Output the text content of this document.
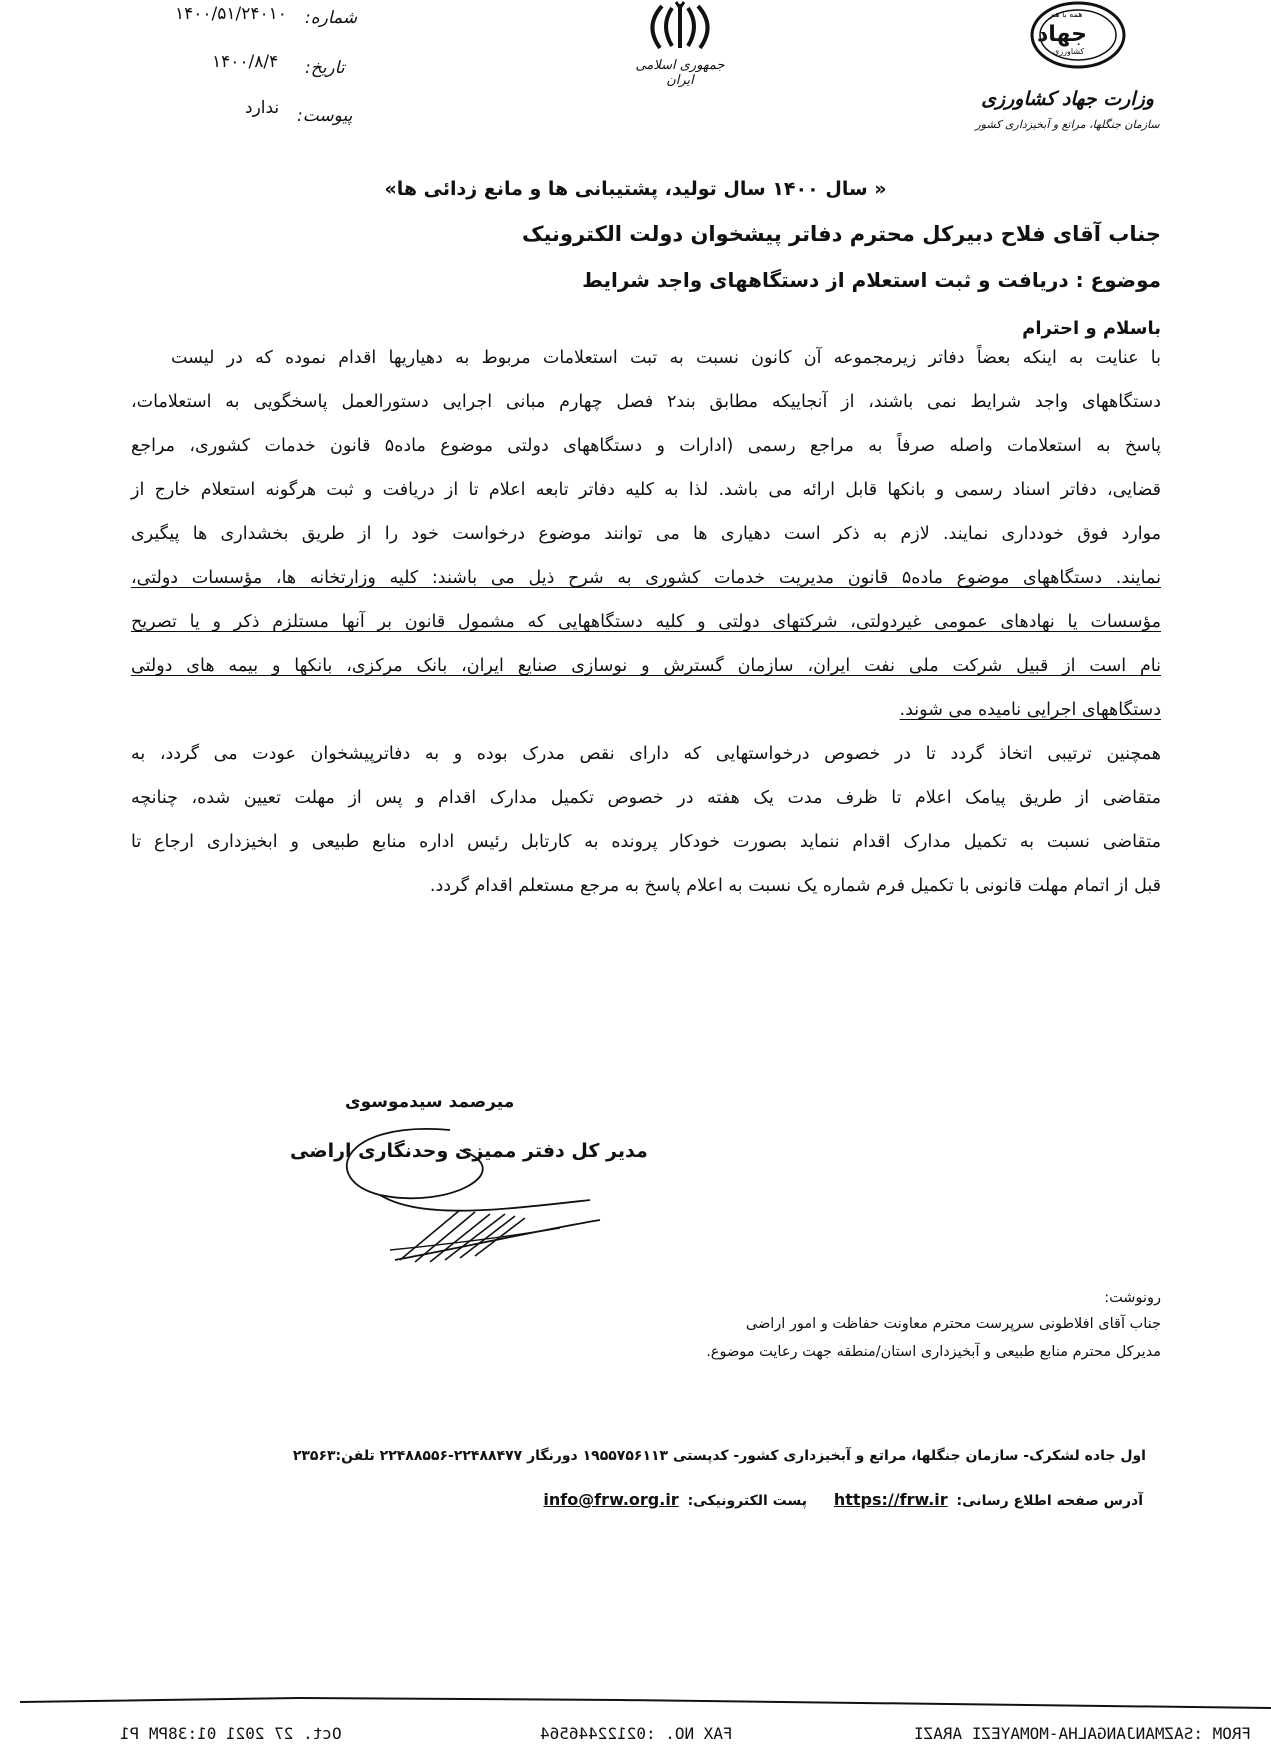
شماره:
۱۴۰۰/۵۱/۲۴۰۱۰
تاریخ:
۱۴۰۰/۸/۴
پیوست:
ندارد
جمهوری اسلامی ایران
همه با هم
جهاد
کشاورزی
وزارت جهاد کشاورزی
سازمان جنگلها، مراتع و آبخیزداری کشور
« سال ۱۴۰۰ سال تولید، پشتیبانی ها و مانع زدائی ها»
جناب آقای فلاح دبیرکل محترم دفاتر پیشخوان دولت الکترونیک
موضوع : دریافت و ثبت استعلام از دستگاههای واجد شرایط
باسلام و احترام
با عنایت به اینکه بعضاً دفاتر زیرمجموعه آن کانون نسبت به تبت استعلامات مربوط به دهیاریها اقدام نموده که در لیست
دستگاههای واجد شرایط نمی باشند، از آنجاییکه مطابق بند۲ فصل چهارم مبانی اجرایی دستورالعمل پاسخگویی به استعلامات،
پاسخ به استعلامات واصله صرفاً به مراجع رسمی (ادارات و دستگاههای دولتی موضوع ماده۵ قانون خدمات کشوری، مراجع
قضایی، دفاتر اسناد رسمی و بانکها قابل ارائه می باشد. لذا به کلیه دفاتر تابعه اعلام تا از دریافت و ثبت هرگونه استعلام خارج از
موارد فوق خودداری نمایند. لازم به ذکر است دهیاری ها می توانند موضوع درخواست خود را از طریق بخشداری ها پیگیری
نمایند. دستگاههای موضوع ماده۵ قانون مدیریت خدمات کشوری به شرح ذیل می باشند: کلیه وزارتخانه ها، مؤسسات دولتی،
مؤسسات یا نهادهای عمومی غیردولتی، شرکتهای دولتی و کلیه دستگاههایی که مشمول قانون بر آنها مستلزم ذکر و یا تصریح
نام است از قبیل شرکت ملی نفت ایران، سازمان گسترش و نوسازی صنایع ایران، بانک مرکزی، بانکها و بیمه های دولتی
دستگاههای اجرایی نامیده می شوند.
همچنین ترتیبی اتخاذ گردد تا در خصوص درخواستهایی که دارای نقص مدرک بوده و به دفاترپیشخوان عودت می گردد، به
متقاضی از طریق پیامک اعلام تا ظرف مدت یک هفته در خصوص تکمیل مدارک اقدام و پس از مهلت تعیین شده، چنانچه
متقاضی نسبت به تکمیل مدارک اقدام ننماید بصورت خودکار پرونده به کارتابل رئیس اداره منابع طبیعی و ابخیزداری ارجاع تا
قبل از اتمام مهلت قانونی با تکمیل فرم شماره یک نسبت به اعلام پاسخ به مرجع مستعلم اقدام گردد.
میرصمد سیدموسوی
مدیر کل دفتر ممیزی وحدنگاری اراضی
رونوشت:
جناب آقای افلاطونی سرپرست محترم معاونت حفاظت و امور اراضی
مدیرکل محترم منابع طبیعی و آبخیزداری استان/منطقه جهت رعایت موضوع.
اول جاده لشکرک- سازمان جنگلها، مراتع و آبخیزداری کشور- کدپستی ۱۹۵۵۷۵۶۱۱۳ دورنگار ۲۲۴۸۸۴۷۷-۲۲۴۸۸۵۵۶ تلفن:۲۳۵۶۳
آدرس صفحه اطلاع رسانی: https://frw.ir پست الکترونیکی: info@frw.org.ir
FROM :SAZMANJANGALHA-MOMAYEZI ARAZI
FAX NO. :02122446564
Oct. 27 2021 01:38PM P1
